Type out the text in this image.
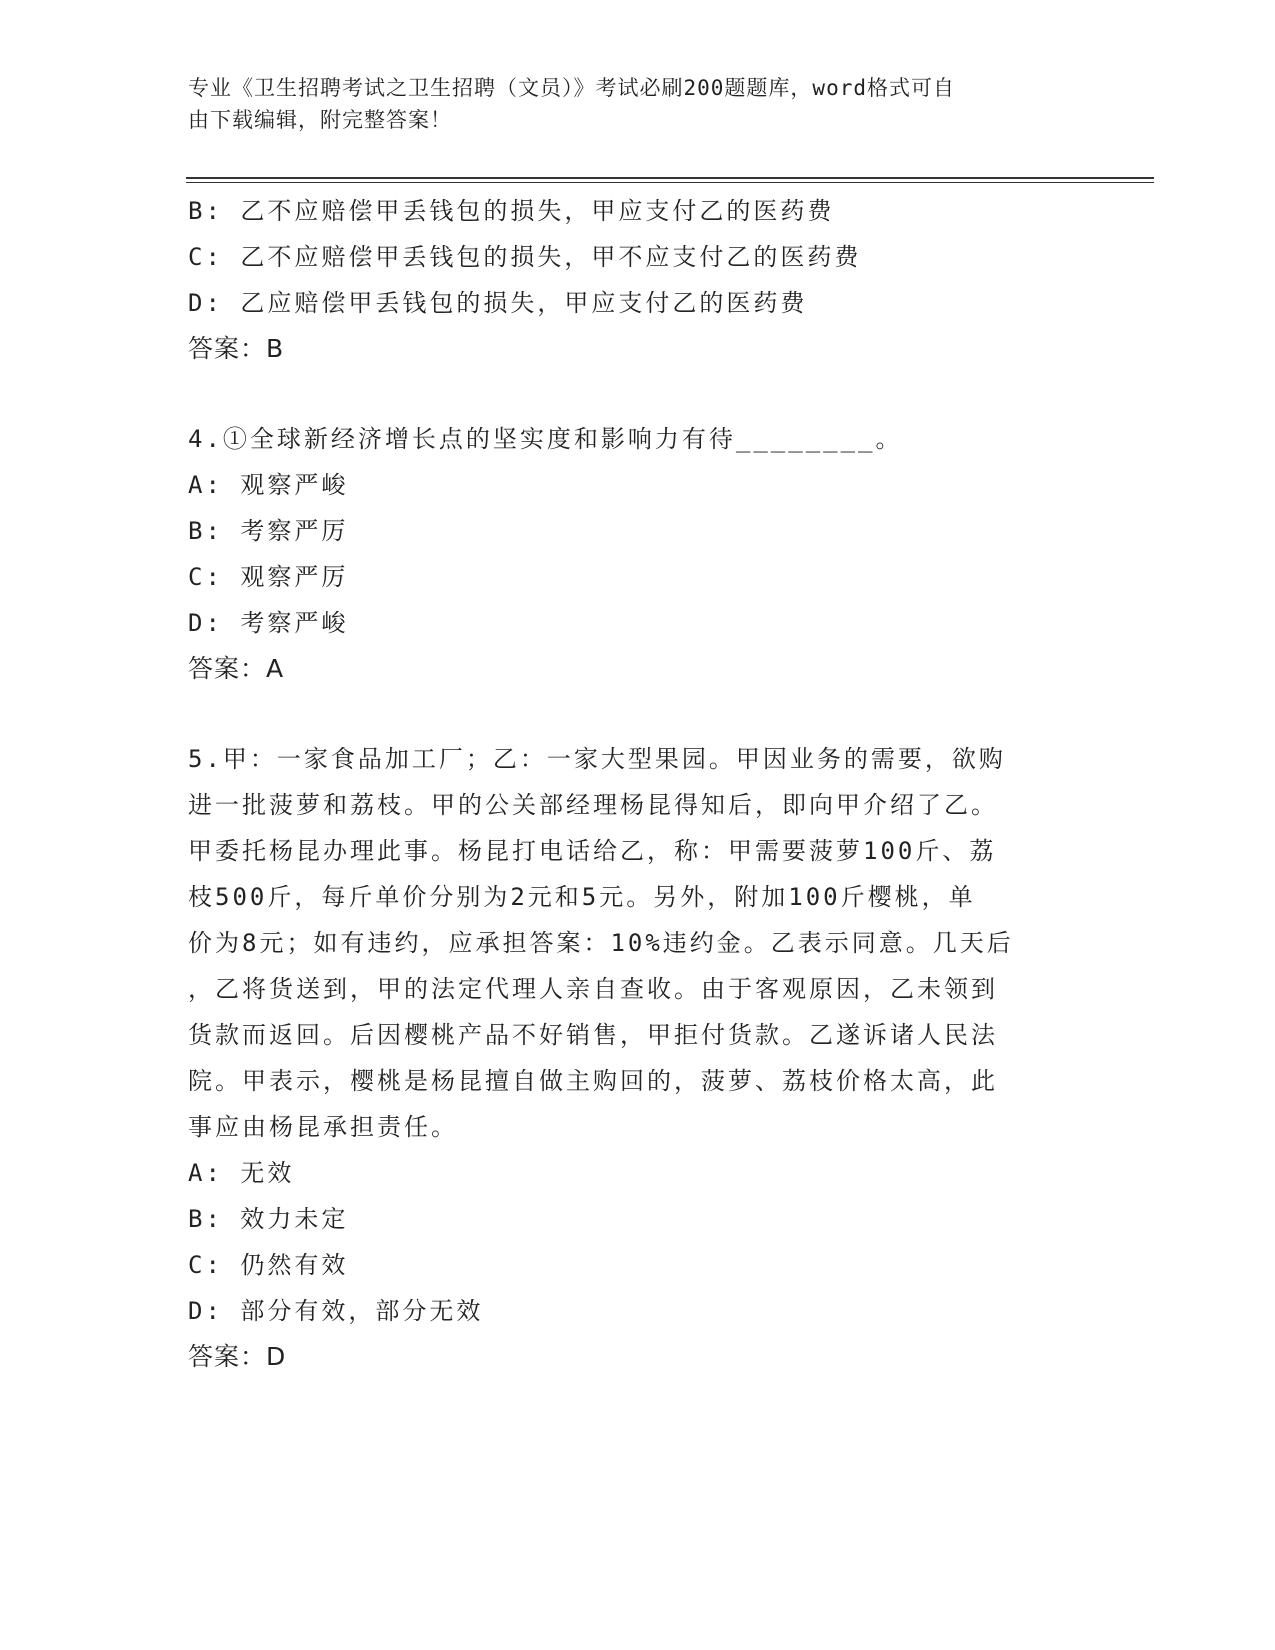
专业《卫生招聘考试之卫生招聘（文员）》考试必刷200题题库，word格式可自
由下载编辑，附完整答案！
B: 乙不应赔偿甲丢钱包的损失，甲应支付乙的医药费
C: 乙不应赔偿甲丢钱包的损失，甲不应支付乙的医药费
D: 乙应赔偿甲丢钱包的损失，甲应支付乙的医药费
答案：B
4.①全球新经济增长点的坚实度和影响力有待________。
A: 观察严峻
B: 考察严厉
C: 观察严厉
D: 考察严峻
答案：A
5.甲：一家食品加工厂；乙：一家大型果园。甲因业务的需要，欲购
进一批菠萝和荔枝。甲的公关部经理杨昆得知后，即向甲介绍了乙。
甲委托杨昆办理此事。杨昆打电话给乙，称：甲需要菠萝100斤、荔
枝500斤，每斤单价分别为2元和5元。另外，附加100斤樱桃，单
价为8元；如有违约，应承担答案：10%违约金。乙表示同意。几天后
，乙将货送到，甲的法定代理人亲自查收。由于客观原因，乙未领到
货款而返回。后因樱桃产品不好销售，甲拒付货款。乙遂诉诸人民法
院。甲表示，樱桃是杨昆擅自做主购回的，菠萝、荔枝价格太高，此
事应由杨昆承担责任。
A: 无效
B: 效力未定
C: 仍然有效
D: 部分有效，部分无效
答案：D
